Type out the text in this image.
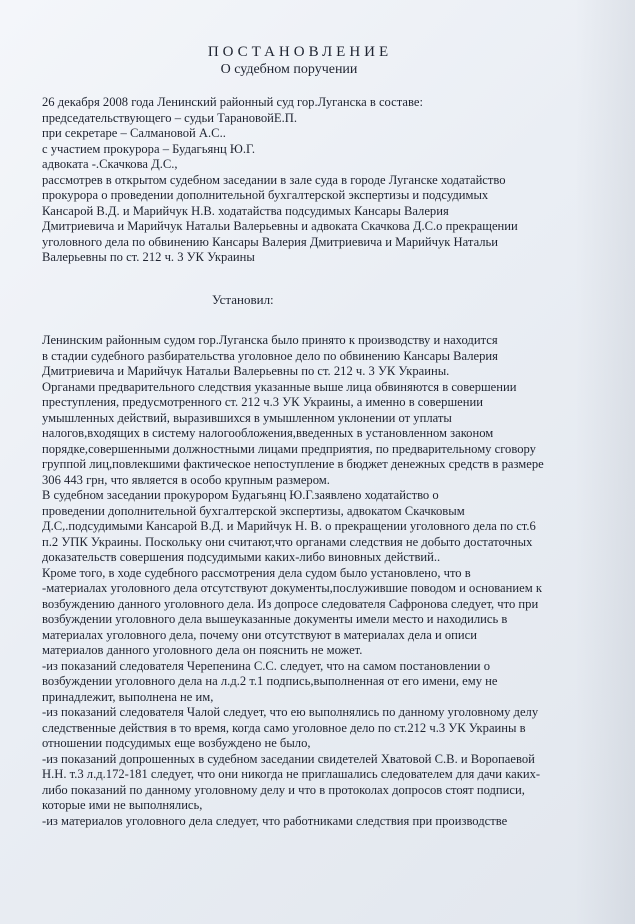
ПОСТАНОВЛЕНИЕ
О судебном поручении
26 декабря 2008 года Ленинский районный суд гор.Луганска в составе:
председательствующего – судьи ТарановойЕ.П.
при секретаре – Салмановой А.С..
с участием прокурора – Будагьянц Ю.Г.
адвоката -.Скачкова Д.С.,
рассмотрев в открытом судебном заседании в зале суда в городе Луганске ходатайство
прокурора о проведении дополнительной бухгалтерской экспертизы и подсудимых
Кансарой В.Д. и Марийчук Н.В. ходатайства подсудимых Кансары Валерия
Дмитриевича и Марийчук Натальи Валерьевны и адвоката Скачкова Д.С.о прекращении
уголовного дела по обвинению Кансары Валерия Дмитриевича и Марийчук Натальи
Валерьевны по ст. 212 ч. 3 УК Украины
Установил:
Ленинским районным судом гор.Луганска было принято к производству и находится
в стадии судебного разбирательства уголовное дело по обвинению Кансары Валерия
Дмитриевича и Марийчук Натальи Валерьевны по ст. 212 ч. 3 УК Украины.
Органами предварительного следствия указанные выше лица обвиняются в совершении
преступления, предусмотренного ст. 212 ч.3 УК Украины, а именно в совершении
умышленных действий, выразившихся в умышленном уклонении от уплаты
налогов,входящих в систему налогообложения,введенных в установленном законом
порядке,совершенными должностными лицами предприятия, по предварительному сговору
группой лиц,повлекшими фактическое непоступление в бюджет денежных средств в размере
306 443 грн, что является в особо крупным размером.
В судебном заседании прокурором Будагьянц Ю.Г.заявлено ходатайство о
проведении дополнительной бухгалтерской экспертизы, адвокатом Скачковым
Д.С,.подсудимыми Кансарой В.Д. и Марийчук Н. В. о прекращении уголовного дела по ст.6
п.2 УПК Украины. Поскольку они считают,что органами следствия не добыто достаточных
доказательств совершения подсудимыми каких-либо виновных действий..
Кроме того, в ходе судебного рассмотрения дела судом было установлено, что в
-материалах уголовного дела отсутствуют документы,послужившие поводом и основанием к
возбуждению данного уголовного дела. Из допросе следователя Сафронова следует, что при
возбуждении уголовного дела вышеуказанные документы имели место и находились в
материалах уголовного дела, почему они отсутствуют в материалах дела и описи
материалов данного уголовного дела он пояснить не может.
-из показаний следователя Черепенина С.С. следует, что на самом постановлении о
возбуждении уголовного дела на л.д.2 т.1 подпись,выполненная от его имени, ему не
принадлежит, выполнена не им,
-из показаний следователя Чалой следует, что ею выполнялись по данному уголовному делу
следственные действия в то время, когда само уголовное дело по ст.212 ч.3 УК Украины в
отношении подсудимых еще возбуждено не было,
-из показаний допрошенных в судебном заседании свидетелей Хватовой С.В. и Воропаевой
Н.Н. т.3 л.д.172-181 следует, что они никогда не приглашались следователем для дачи каких-
либо показаний по данному уголовному делу и что в протоколах допросов стоят подписи,
которые ими не выполнялись,
-из материалов уголовного дела следует, что работниками следствия при производстве
